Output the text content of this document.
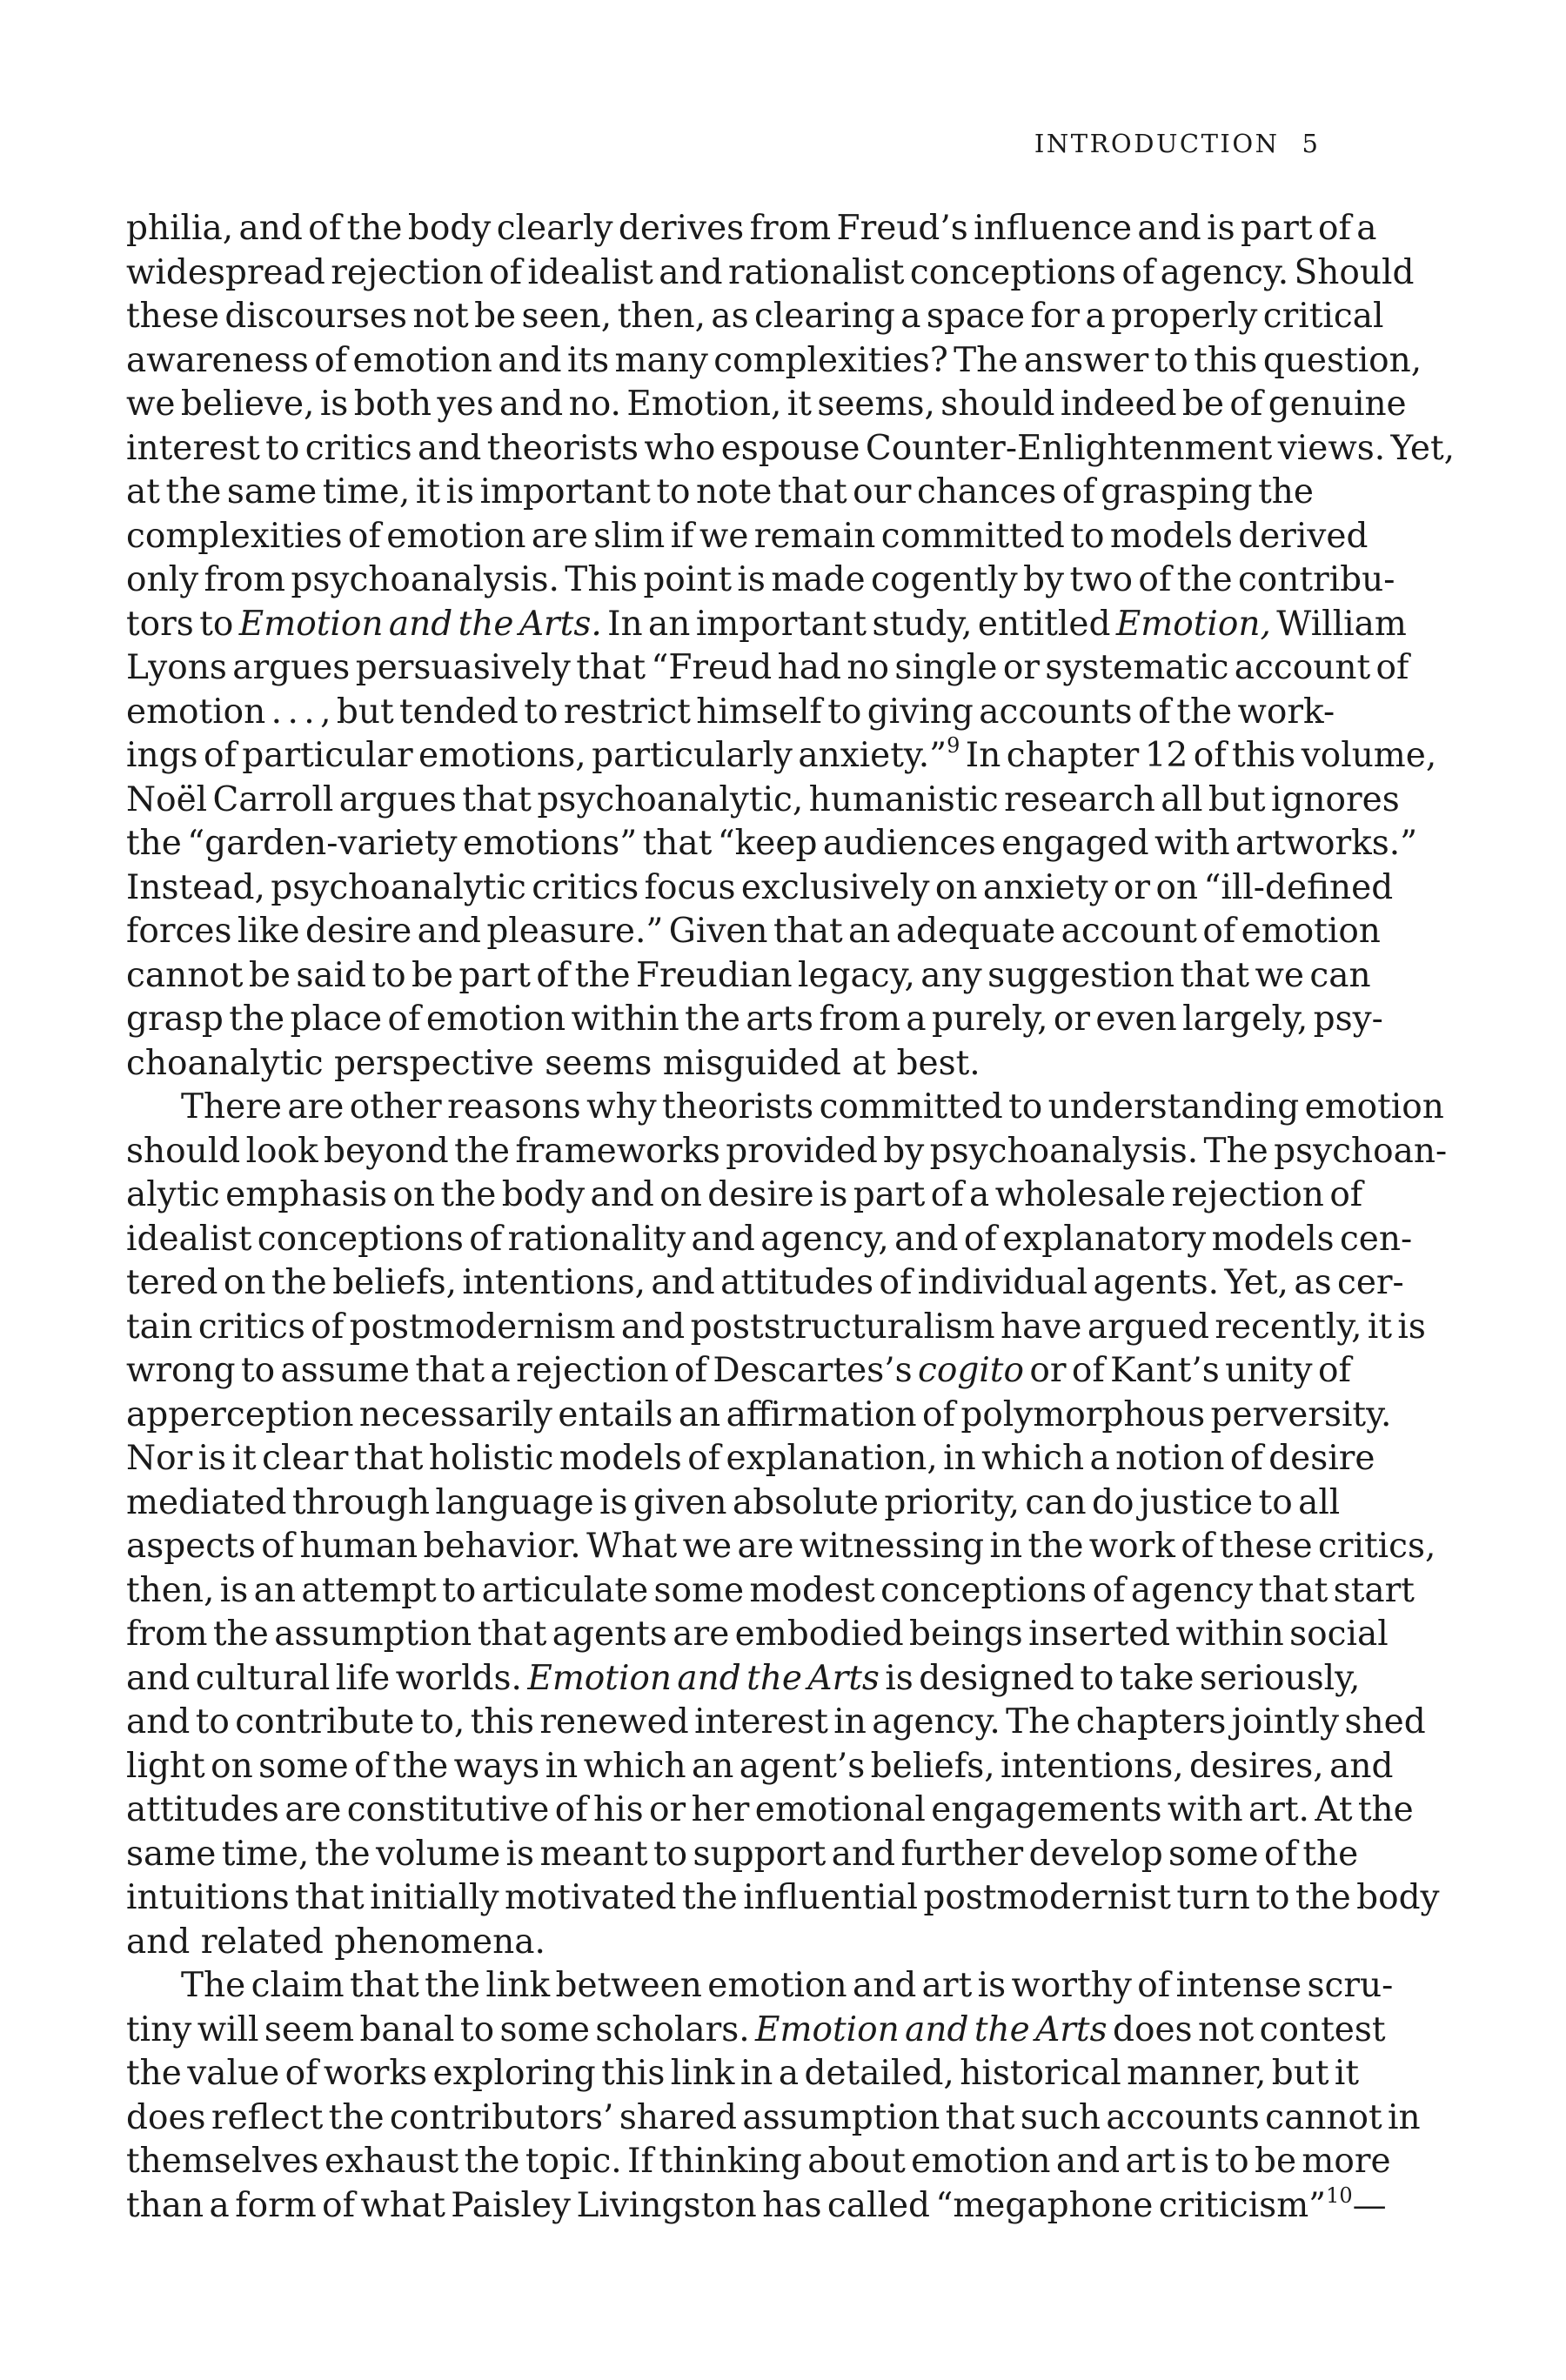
INTRODUCTION 5
philia, and of the body clearly derives from Freud’s influence and is part of a
widespread rejection of idealist and rationalist conceptions of agency. Should
these discourses not be seen, then, as clearing a space for a properly critical
awareness of emotion and its many complexities? The answer to this question,
we believe, is both yes and no. Emotion, it seems, should indeed be of genuine
interest to critics and theorists who espouse Counter-Enlightenment views. Yet,
at the same time, it is important to note that our chances of grasping the
complexities of emotion are slim if we remain committed to models derived
only from psychoanalysis. This point is made cogently by two of the contribu-
tors to Emotion and the Arts. In an important study, entitled Emotion, William
Lyons argues persuasively that “Freud had no single or systematic account of
emotion . . . , but tended to restrict himself to giving accounts of the work-
ings of particular emotions, particularly anxiety.”$^9$ In chapter 12 of this volume,
Noël Carroll argues that psychoanalytic, humanistic research all but ignores
the “garden-variety emotions” that “keep audiences engaged with artworks.”
Instead, psychoanalytic critics focus exclusively on anxiety or on “ill-defined
forces like desire and pleasure.” Given that an adequate account of emotion
cannot be said to be part of the Freudian legacy, any suggestion that we can
grasp the place of emotion within the arts from a purely, or even largely, psy-
choanalytic perspective seems misguided at best.
There are other reasons why theorists committed to understanding emotion
should look beyond the frameworks provided by psychoanalysis. The psychoan-
alytic emphasis on the body and on desire is part of a wholesale rejection of
idealist conceptions of rationality and agency, and of explanatory models cen-
tered on the beliefs, intentions, and attitudes of individual agents. Yet, as cer-
tain critics of postmodernism and poststructuralism have argued recently, it is
wrong to assume that a rejection of Descartes’s cogito or of Kant’s unity of
apperception necessarily entails an affirmation of polymorphous perversity.
Nor is it clear that holistic models of explanation, in which a notion of desire
mediated through language is given absolute priority, can do justice to all
aspects of human behavior. What we are witnessing in the work of these critics,
then, is an attempt to articulate some modest conceptions of agency that start
from the assumption that agents are embodied beings inserted within social
and cultural life worlds. Emotion and the Arts is designed to take seriously,
and to contribute to, this renewed interest in agency. The chapters jointly shed
light on some of the ways in which an agent’s beliefs, intentions, desires, and
attitudes are constitutive of his or her emotional engagements with art. At the
same time, the volume is meant to support and further develop some of the
intuitions that initially motivated the influential postmodernist turn to the body
and related phenomena.
The claim that the link between emotion and art is worthy of intense scru-
tiny will seem banal to some scholars. Emotion and the Arts does not contest
the value of works exploring this link in a detailed, historical manner, but it
does reflect the contributors’ shared assumption that such accounts cannot in
themselves exhaust the topic. If thinking about emotion and art is to be more
than a form of what Paisley Livingston has called “megaphone criticism”$^{10}$—
